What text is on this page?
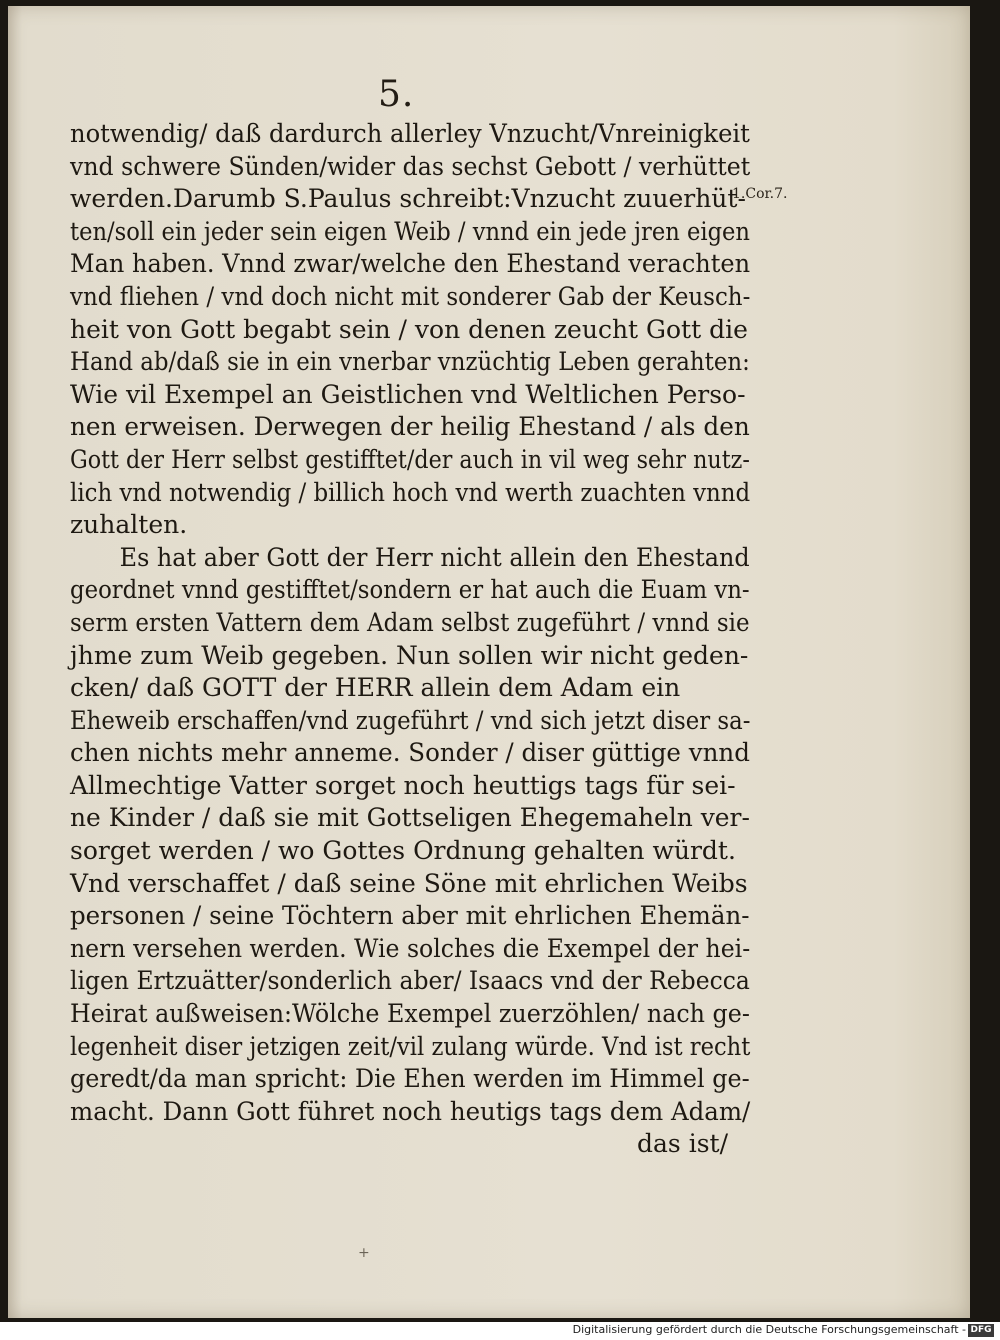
5.
1.Cor.7.
notwendig/ daß dardurch allerley Vnzucht/Vnreinigkeit
vnd schwere Sünden/wider das sechst Gebott / verhüttet
werden.Darumb S.Paulus schreibt:Vnzucht zuuerhüt-
ten/soll ein jeder sein eigen Weib / vnnd ein jede jren eigen
Man haben. Vnnd zwar/welche den Ehestand verachten
vnd fliehen / vnd doch nicht mit sonderer Gab der Keusch-
heit von Gott begabt sein / von denen zeucht Gott die
Hand ab/daß sie in ein vnerbar vnzüchtig Leben gerahten:
Wie vil Exempel an Geistlichen vnd Weltlichen Perso-
nen erweisen. Derwegen der heilig Ehestand / als den
Gott der Herr selbst gestifftet/der auch in vil weg sehr nutz-
lich vnd notwendig / billich hoch vnd werth zuachten vnnd
zuhalten.
Es hat aber Gott der Herr nicht allein den Ehestand
geordnet vnnd gestifftet/sondern er hat auch die Euam vn-
serm ersten Vattern dem Adam selbst zugeführt / vnnd sie
jhme zum Weib gegeben. Nun sollen wir nicht geden-
cken/ daß GOTT der HERR allein dem Adam ein
Eheweib erschaffen/vnd zugeführt / vnd sich jetzt diser sa-
chen nichts mehr anneme. Sonder / diser güttige vnnd
Allmechtige Vatter sorget noch heuttigs tags für sei-
ne Kinder / daß sie mit Gottseligen Ehegemaheln ver-
sorget werden / wo Gottes Ordnung gehalten würdt.
Vnd verschaffet / daß seine Söne mit ehrlichen Weibs
personen / seine Töchtern aber mit ehrlichen Ehemän-
nern versehen werden. Wie solches die Exempel der hei-
ligen Ertzuätter/sonderlich aber/ Isaacs vnd der Rebecca
Heirat außweisen:Wölche Exempel zuerzöhlen/ nach ge-
legenheit diser jetzigen zeit/vil zulang würde. Vnd ist recht
geredt/da man spricht: Die Ehen werden im Himmel ge-
macht. Dann Gott führet noch heutigs tags dem Adam/
das ist/
+
Digitalisierung gefördert durch die Deutsche Forschungsgemeinschaft - DFG
